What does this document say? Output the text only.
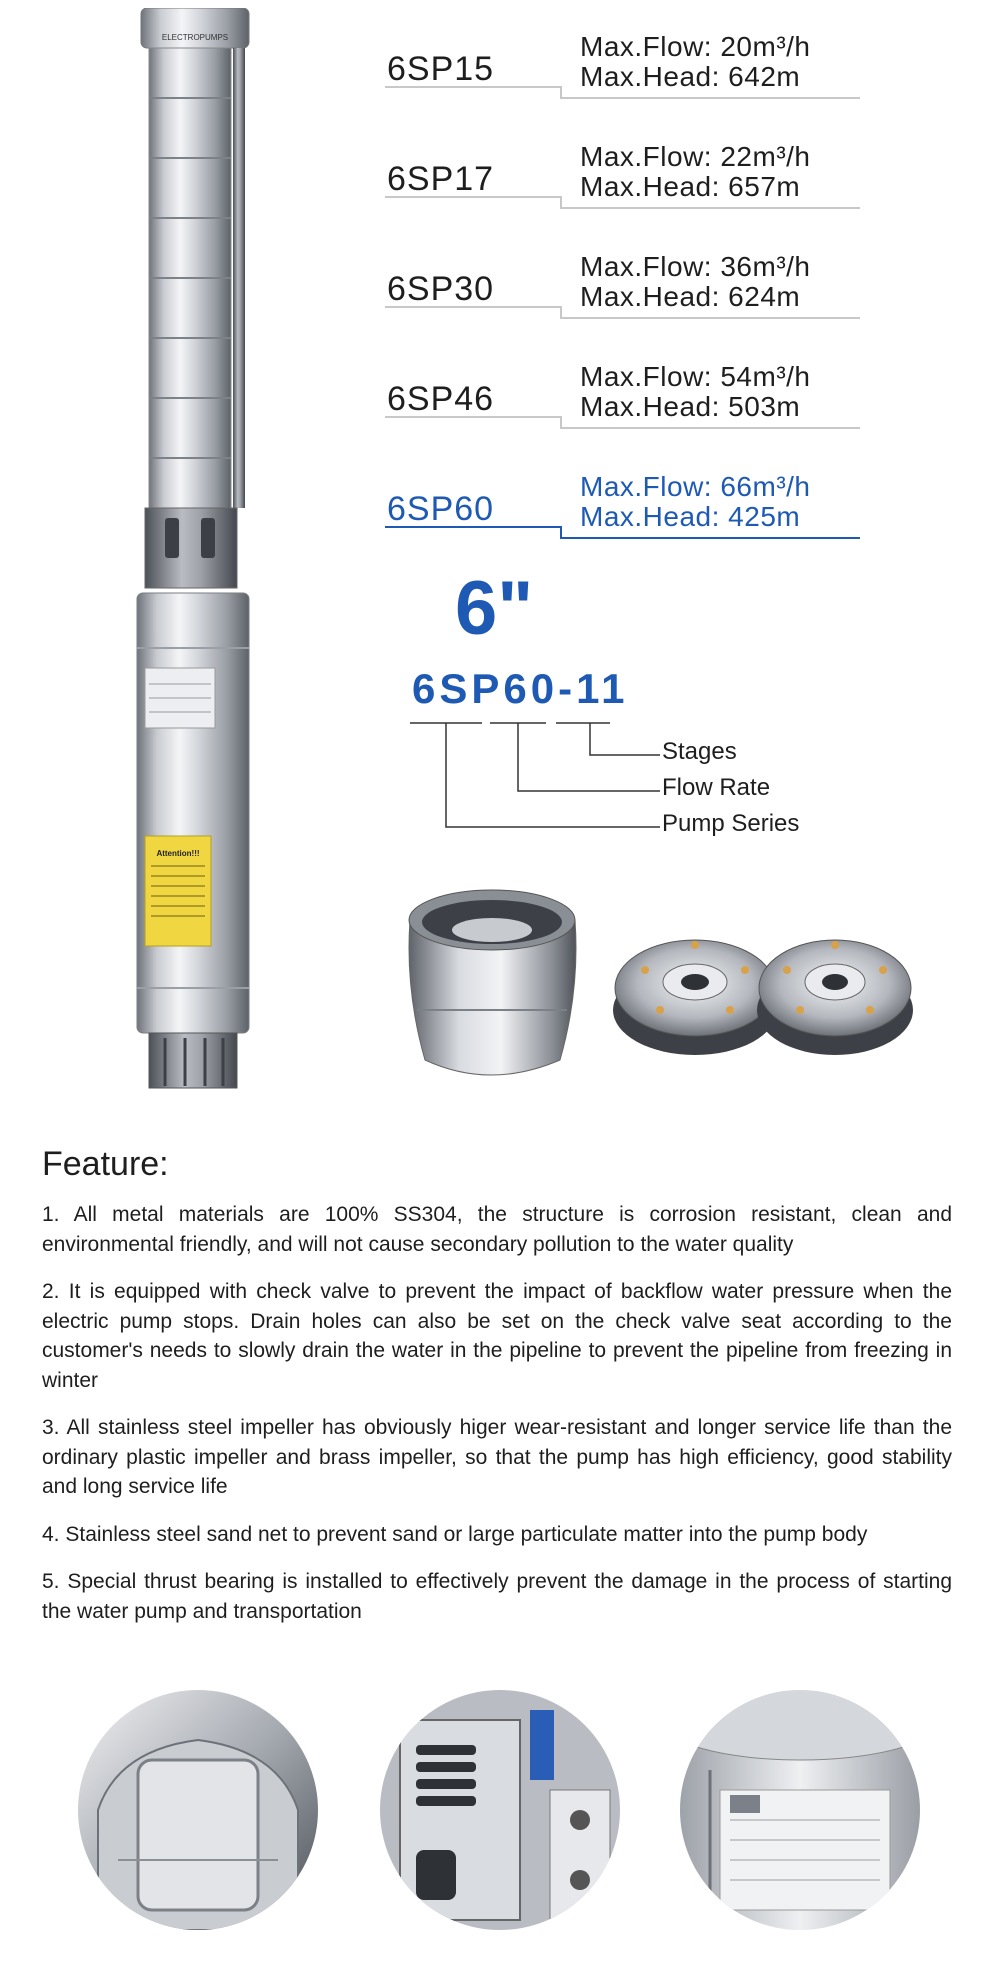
ELECTROPUMPS
Attention!!!
6SP15
Max.Flow: 20m³/h
Max.Head: 642m
6SP17
Max.Flow: 22m³/h
Max.Head: 657m
6SP30
Max.Flow: 36m³/h
Max.Head: 624m
6SP46
Max.Flow: 54m³/h
Max.Head: 503m
6SP60
Max.Flow: 66m³/h
Max.Head: 425m
6"
6SP60-11
Stages
Flow Rate
Pump Series
Feature:

1. All metal materials are 100% SS304, the structure is corrosion resistant, clean and environmental friendly, and will not cause secondary pollution to the water quality

2. It is equipped with check valve to prevent the impact of backflow water pressure when the electric pump stops. Drain holes can also be set on the check valve seat according to the customer's needs to slowly drain the water in the pipeline to prevent the pipeline from freezing in winter

3. All stainless steel impeller has obviously higer wear-resistant and longer service life than the ordinary plastic impeller and brass impeller, so that the pump has high efficiency, good stability and long service life

4. Stainless steel sand net to prevent sand or large particulate matter into the pump body

5. Special thrust bearing is installed to effectively prevent the damage in the process of starting the water pump and transportation
